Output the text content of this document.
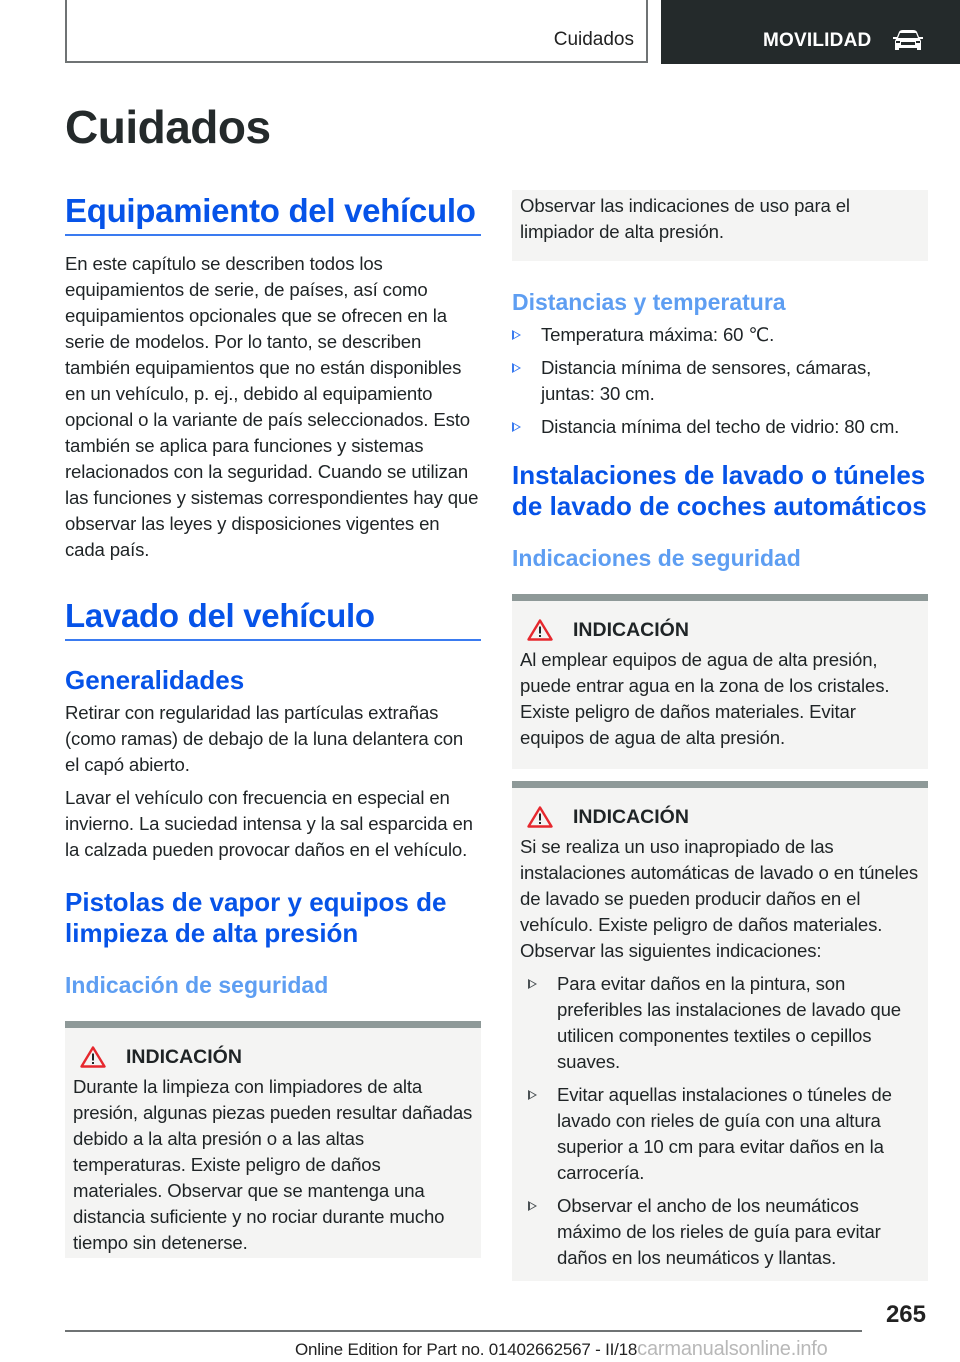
Cuidados	MOVILIDAD
Cuidados
Equipamiento del vehículo

En este capítulo se describen todos los equipamientos de serie, de países, así como equipamientos opcionales que se ofrecen en la serie de modelos. Por lo tanto, se describen también equipamientos que no están disponibles en un vehículo, p. ej., debido al equipamiento opcional o la variante de país seleccionados. Esto también se aplica para funciones y sistemas relacionados con la seguridad. Cuando se utilizan las funciones y sistemas correspondientes hay que observar las leyes y disposiciones vigentes en cada país.

Lavado del vehículo
Generalidades

Retirar con regularidad las partículas extrañas (como ramas) de debajo de la luna delantera con el capó abierto.

Lavar el vehículo con frecuencia en especial en invierno. La suciedad intensa y la sal esparcida en la calzada pueden provocar daños en el vehículo.

Pistolas de vapor y equipos de limpieza de alta presión
Indicación de seguridad
INDICACIÓN

Durante la limpieza con limpiadores de alta presión, algunas piezas pueden resultar dañadas debido a la alta presión o a las altas temperaturas. Existe peligro de daños materiales. Observar que se mantenga una distancia suficiente y no rociar durante mucho tiempo sin detenerse.

Observar las indicaciones de uso para el limpiador de alta presión.

Distancias y temperatura
Temperatura máxima: 60 ℃.
Distancia mínima de sensores, cámaras, juntas: 30 cm.
Distancia mínima del techo de vidrio: 80 cm.
Instalaciones de lavado o túneles de lavado de coches automáticos
Indicaciones de seguridad
INDICACIÓN

Al emplear equipos de agua de alta presión, puede entrar agua en la zona de los cristales. Existe peligro de daños materiales. Evitar equipos de agua de alta presión.

INDICACIÓN

Si se realiza un uso inapropiado de las instalaciones automáticas de lavado o en túneles de lavado se pueden producir daños en el vehículo. Existe peligro de daños materiales. Observar las siguientes indicaciones:

Para evitar daños en la pintura, son preferibles las instalaciones de lavado que utilicen componentes textiles o cepillos suaves.
Evitar aquellas instalaciones o túneles de lavado con rieles de guía con una altura superior a 10 cm para evitar daños en la carrocería.
Observar el ancho de los neumáticos máximo de los rieles de guía para evitar daños en los neumáticos y llantas.
265
Online Edition for Part no. 01402662567 - II/18carmanualsonline.info
